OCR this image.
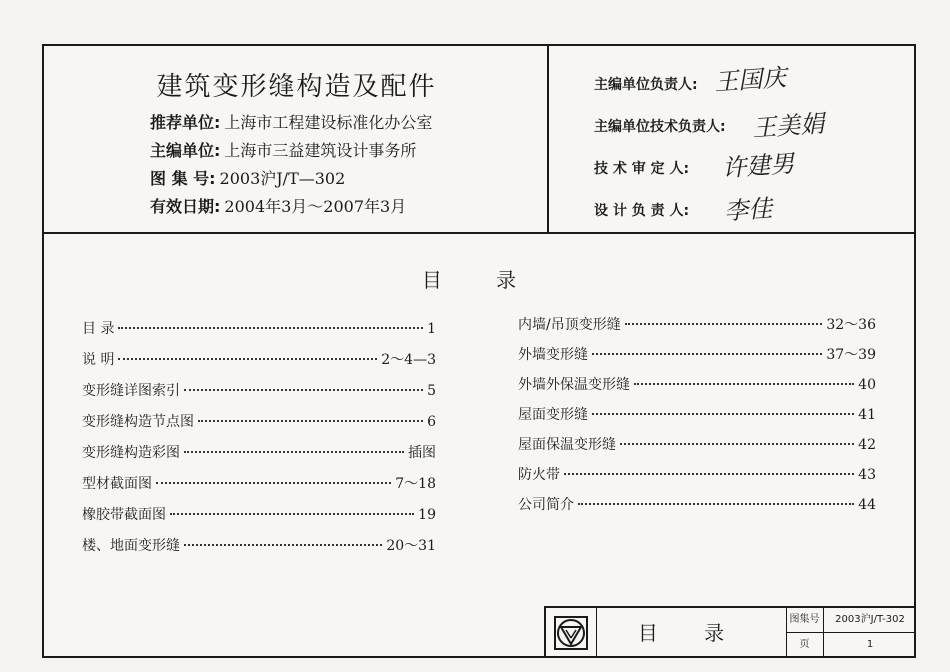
建筑变形缝构造及配件
推荐单位: 上海市工程建设标准化办公室
主编单位: 上海市三益建筑设计事务所
图 集 号: 2003沪J/T—302
有效日期: 2004年3月～2007年3月
主编单位负责人: 王国庆
主编单位技术负责人: 王美娟
技 术 审 定 人: 许建男
设 计 负 责 人: 李佳
目 录
目 录	1
说 明	2～4—3
变形缝详图索引	5
变形缝构造节点图	6
变形缝构造彩图	插图
型材截面图	7～18
橡胶带截面图	19
楼、地面变形缝	20～31
内墙/吊顶变形缝	32～36
外墙变形缝	37～39
外墙外保温变形缝	40
屋面变形缝	41
屋面保温变形缝	42
防火带	43
公司简介	44
目 录
图集号	2003沪J/T-302
页	1
